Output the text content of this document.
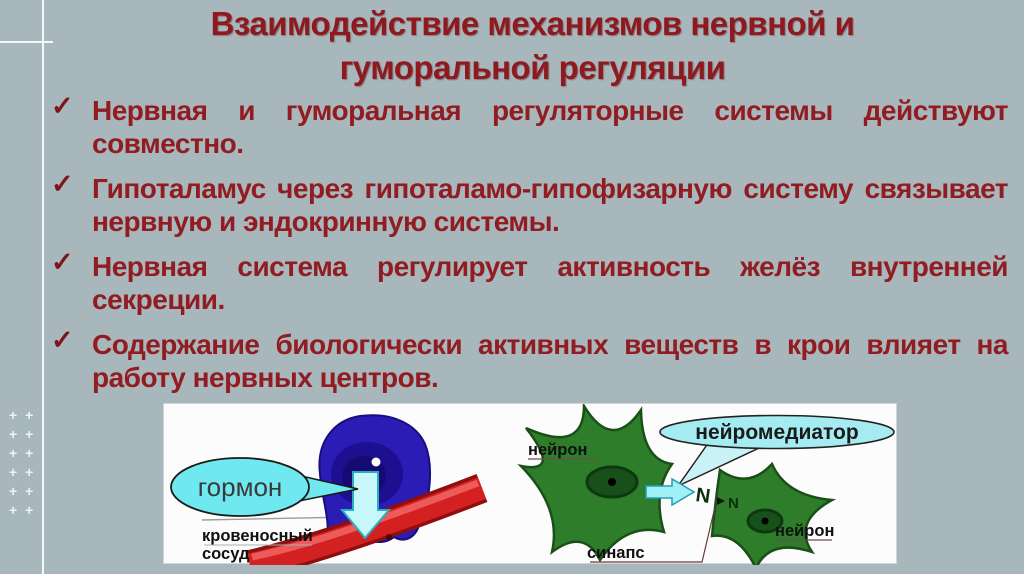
+ +
+ +
+ +
+ +
+ +
+ +
Взаимодействие механизмов нервной и
гуморальной регуляции
✓ Нервная и гуморальная регуляторные системы действуют совместно.
✓ Гипоталамус через гипоталамо-гипофизарную систему связывает нервную и эндокринную системы.
✓ Нервная система регулирует активность желёз внутренней секреции.
✓ Содержание биологически активных веществ в крои влияет на работу нервных центров.
гормон
кровеносный
сосуд
нейромедиатор
N N
нейрон
нейрон
синапс
